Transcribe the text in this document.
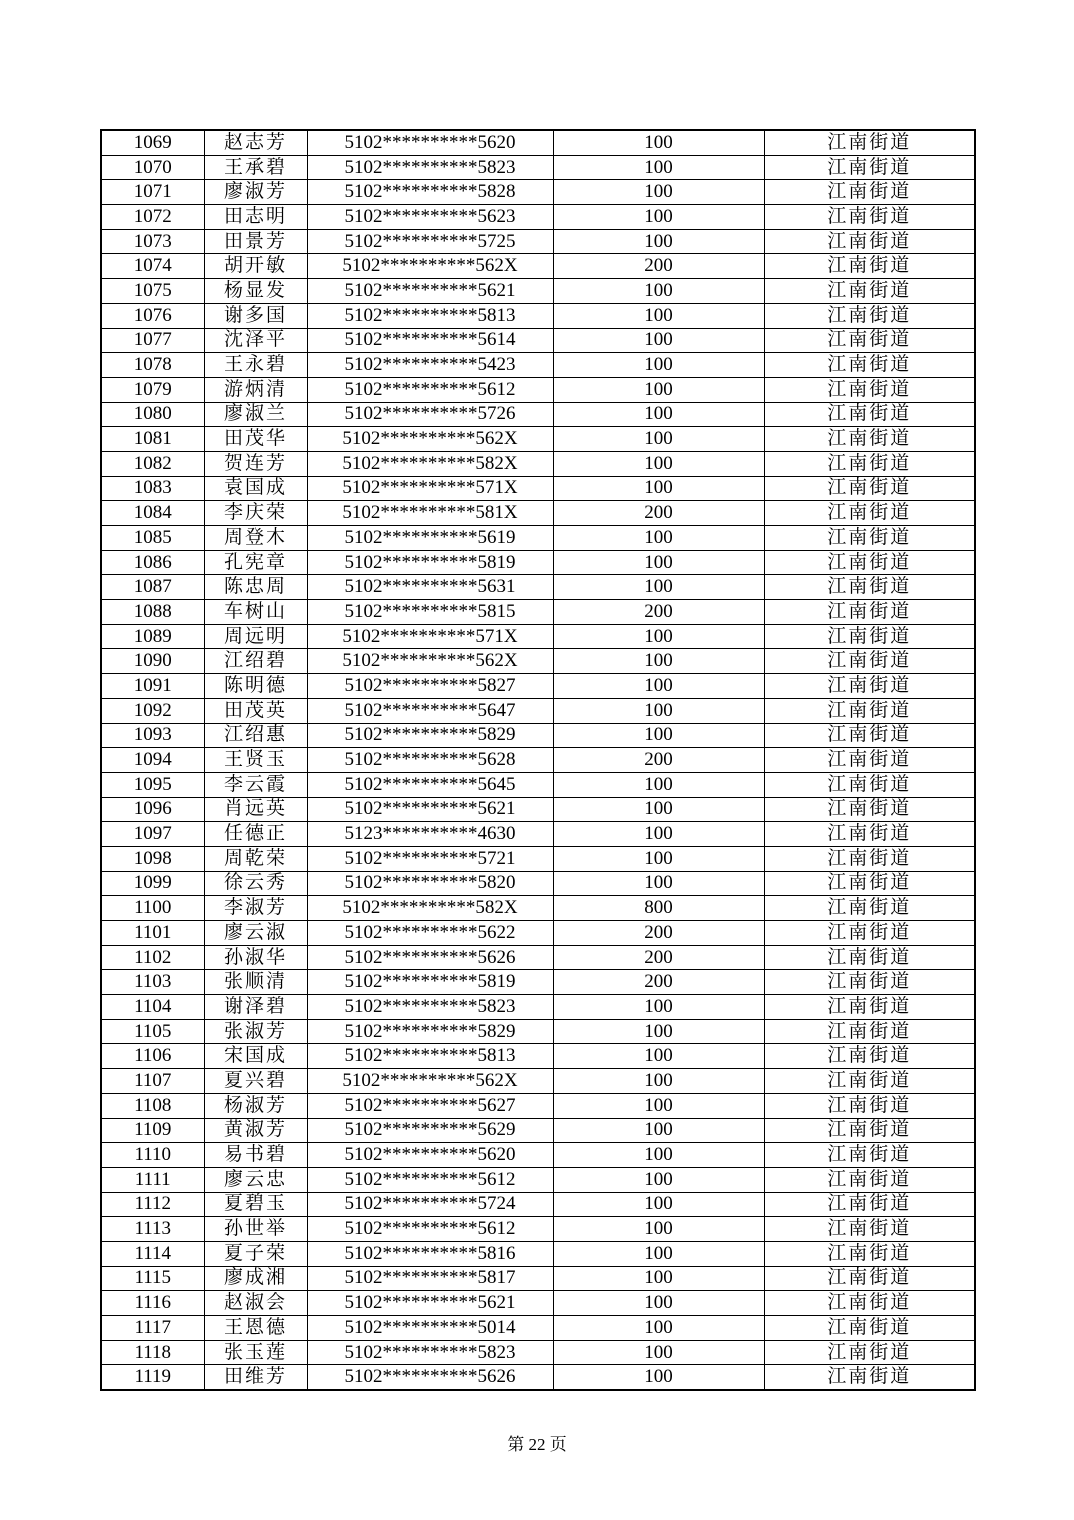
1069	赵志芳	5102**********5620	100	江南街道
1070	王承碧	5102**********5823	100	江南街道
1071	廖淑芳	5102**********5828	100	江南街道
1072	田志明	5102**********5623	100	江南街道
1073	田景芳	5102**********5725	100	江南街道
1074	胡开敏	5102**********562X	200	江南街道
1075	杨显发	5102**********5621	100	江南街道
1076	谢多国	5102**********5813	100	江南街道
1077	沈泽平	5102**********5614	100	江南街道
1078	王永碧	5102**********5423	100	江南街道
1079	游炳清	5102**********5612	100	江南街道
1080	廖淑兰	5102**********5726	100	江南街道
1081	田茂华	5102**********562X	100	江南街道
1082	贺连芳	5102**********582X	100	江南街道
1083	袁国成	5102**********571X	100	江南街道
1084	李庆荣	5102**********581X	200	江南街道
1085	周登木	5102**********5619	100	江南街道
1086	孔宪章	5102**********5819	100	江南街道
1087	陈忠周	5102**********5631	100	江南街道
1088	车树山	5102**********5815	200	江南街道
1089	周远明	5102**********571X	100	江南街道
1090	江绍碧	5102**********562X	100	江南街道
1091	陈明德	5102**********5827	100	江南街道
1092	田茂英	5102**********5647	100	江南街道
1093	江绍惠	5102**********5829	100	江南街道
1094	王贤玉	5102**********5628	200	江南街道
1095	李云霞	5102**********5645	100	江南街道
1096	肖远英	5102**********5621	100	江南街道
1097	任德正	5123**********4630	100	江南街道
1098	周乾荣	5102**********5721	100	江南街道
1099	徐云秀	5102**********5820	100	江南街道
1100	李淑芳	5102**********582X	800	江南街道
1101	廖云淑	5102**********5622	200	江南街道
1102	孙淑华	5102**********5626	200	江南街道
1103	张顺清	5102**********5819	200	江南街道
1104	谢泽碧	5102**********5823	100	江南街道
1105	张淑芳	5102**********5829	100	江南街道
1106	宋国成	5102**********5813	100	江南街道
1107	夏兴碧	5102**********562X	100	江南街道
1108	杨淑芳	5102**********5627	100	江南街道
1109	黄淑芳	5102**********5629	100	江南街道
1110	易书碧	5102**********5620	100	江南街道
1111	廖云忠	5102**********5612	100	江南街道
1112	夏碧玉	5102**********5724	100	江南街道
1113	孙世举	5102**********5612	100	江南街道
1114	夏子荣	5102**********5816	100	江南街道
1115	廖成湘	5102**********5817	100	江南街道
1116	赵淑会	5102**********5621	100	江南街道
1117	王恩德	5102**********5014	100	江南街道
1118	张玉莲	5102**********5823	100	江南街道
1119	田维芳	5102**********5626	100	江南街道
第 22 页
